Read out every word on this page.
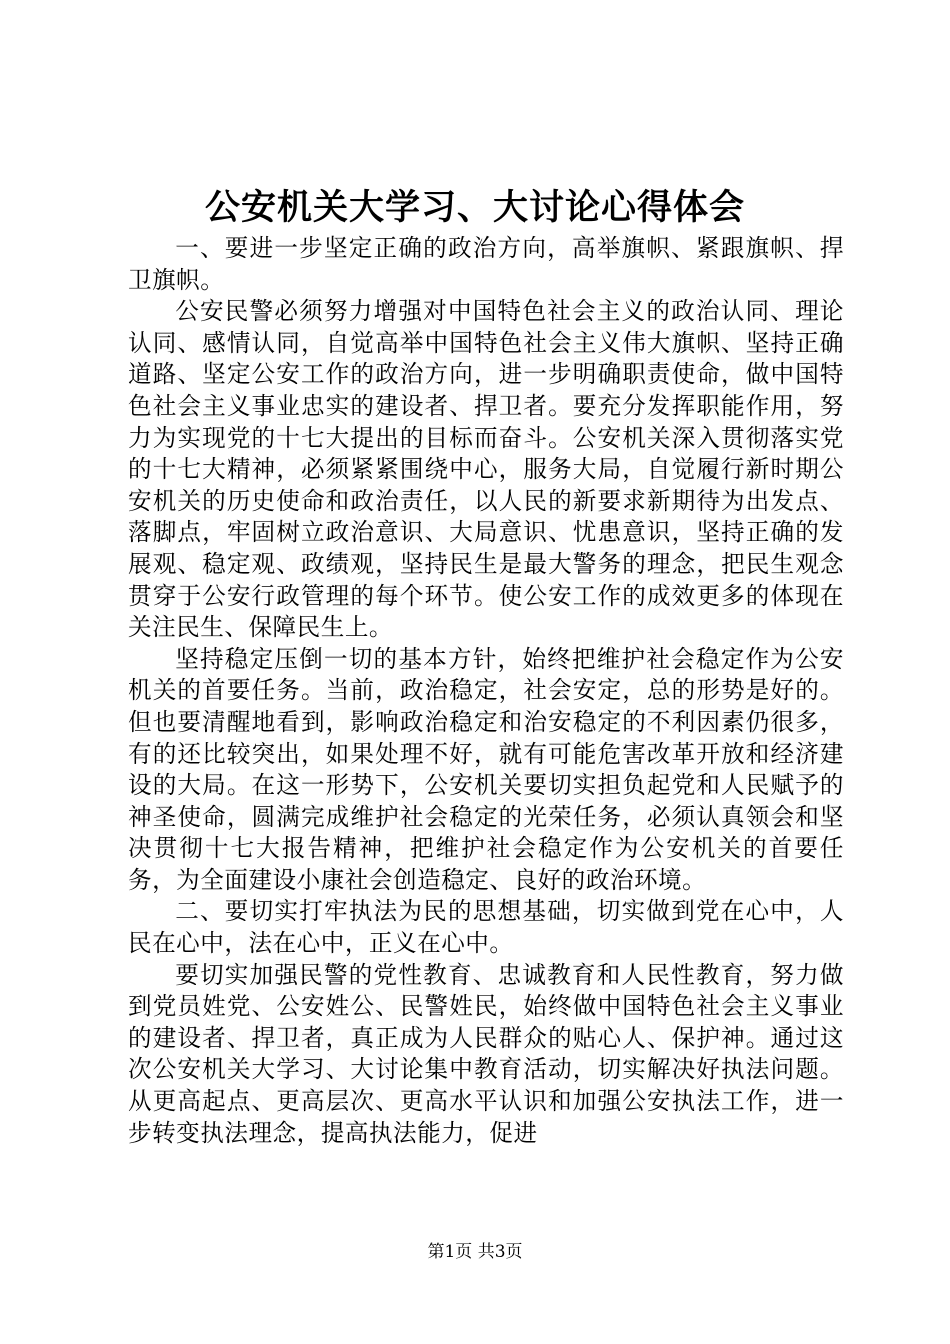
公安机关大学习、大讨论心得体会

一、要进一步坚定正确的政治方向，高举旗帜、紧跟旗帜、捍卫旗帜。

公安民警必须努力增强对中国特色社会主义的政治认同、理论认同、感情认同，自觉高举中国特色社会主义伟大旗帜、坚持正确道路、坚定公安工作的政治方向，进一步明确职责使命，做中国特色社会主义事业忠实的建设者、捍卫者。要充分发挥职能作用，努力为实现党的十七大提出的目标而奋斗。公安机关深入贯彻落实党的十七大精神，必须紧紧围绕中心，服务大局，自觉履行新时期公安机关的历史使命和政治责任，以人民的新要求新期待为出发点、落脚点，牢固树立政治意识、大局意识、忧患意识，坚持正确的发展观、稳定观、政绩观，坚持民生是最大警务的理念，把民生观念贯穿于公安行政管理的每个环节。使公安工作的成效更多的体现在关注民生、保障民生上。

坚持稳定压倒一切的基本方针，始终把维护社会稳定作为公安机关的首要任务。当前，政治稳定，社会安定，总的形势是好的。但也要清醒地看到，影响政治稳定和治安稳定的不利因素仍很多，有的还比较突出，如果处理不好，就有可能危害改革开放和经济建设的大局。在这一形势下，公安机关要切实担负起党和人民赋予的神圣使命，圆满完成维护社会稳定的光荣任务，必须认真领会和坚决贯彻十七大报告精神，把维护社会稳定作为公安机关的首要任务，为全面建设小康社会创造稳定、良好的政治环境。

二、要切实打牢执法为民的思想基础，切实做到党在心中，人民在心中，法在心中，正义在心中。

要切实加强民警的党性教育、忠诚教育和人民性教育，努力做到党员姓党、公安姓公、民警姓民，始终做中国特色社会主义事业的建设者、捍卫者，真正成为人民群众的贴心人、保护神。通过这次公安机关大学习、大讨论集中教育活动，切实解决好执法问题。从更高起点、更高层次、更高水平认识和加强公安执法工作，进一步转变执法理念，提高执法能力，促进

第1页 共3页
